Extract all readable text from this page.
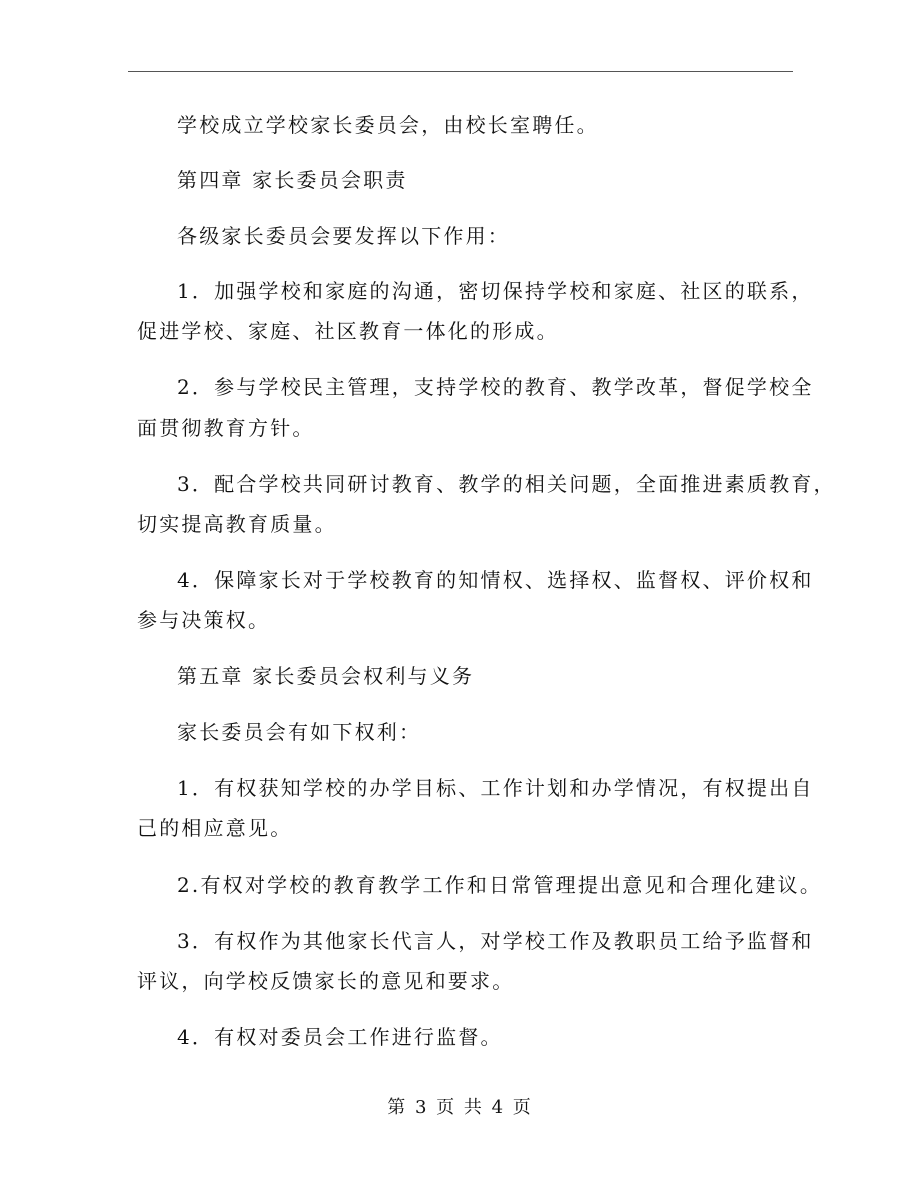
学校成立学校家长委员会，由校长室聘任。
第四章 家长委员会职责
各级家长委员会要发挥以下作用：
1．加强学校和家庭的沟通，密切保持学校和家庭、社区的联系，
促进学校、家庭、社区教育一体化的形成。
2．参与学校民主管理，支持学校的教育、教学改革，督促学校全
面贯彻教育方针。
3．配合学校共同研讨教育、教学的相关问题，全面推进素质教育，
切实提高教育质量。
4．保障家长对于学校教育的知情权、选择权、监督权、评价权和
参与决策权。
第五章 家长委员会权利与义务
家长委员会有如下权利：
1．有权获知学校的办学目标、工作计划和办学情况，有权提出自
己的相应意见。
2.有权对学校的教育教学工作和日常管理提出意见和合理化建议。
3．有权作为其他家长代言人，对学校工作及教职员工给予监督和
评议，向学校反馈家长的意见和要求。
4．有权对委员会工作进行监督。
第 3 页 共 4 页
